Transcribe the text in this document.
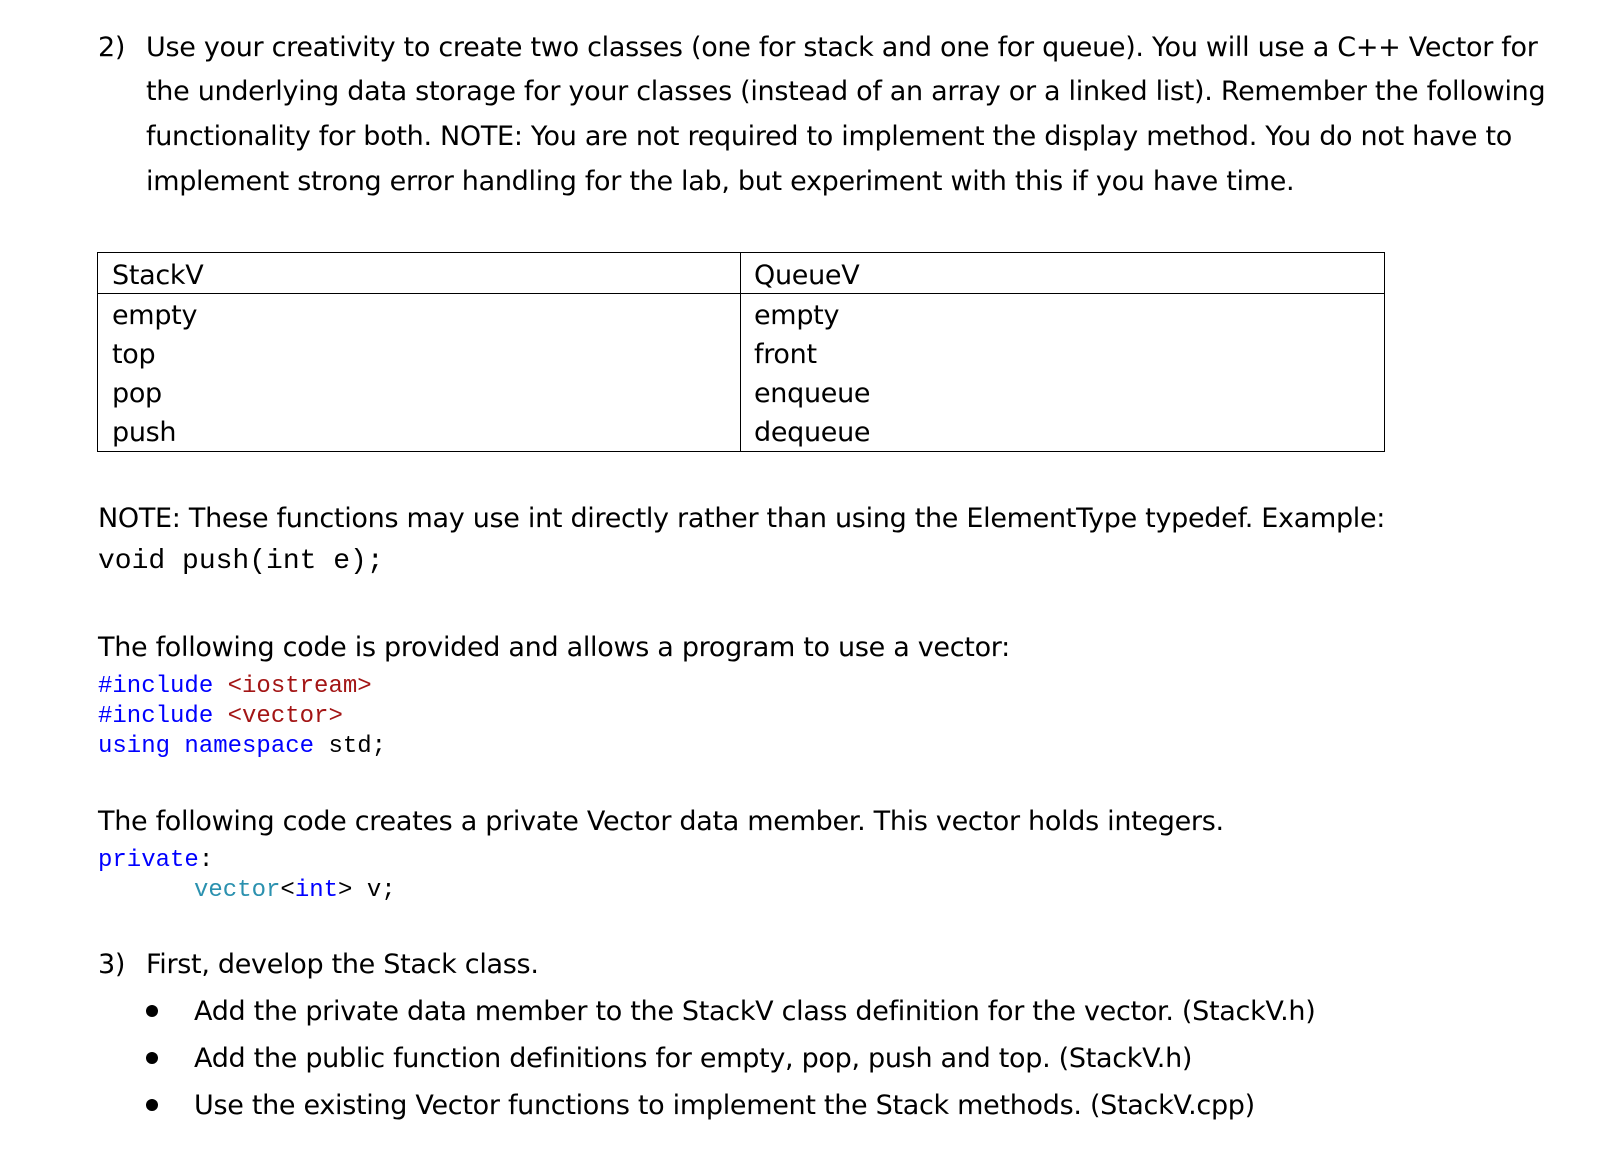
2) Use your creativity to create two classes (one for stack and one for queue). You will use a C++ Vector for
the underlying data storage for your classes (instead of an array or a linked list). Remember the following
functionality for both. NOTE: You are not required to implement the display method. You do not have to
implement strong error handling for the lab, but experiment with this if you have time.
StackV	QueueV
empty
top
pop
push
empty
front
enqueue
dequeue
NOTE: These functions may use int directly rather than using the ElementType typedef. Example:
void push(int e);
The following code is provided and allows a program to use a vector:
#include <iostream>
#include <vector>
using namespace std;
The following code creates a private Vector data member. This vector holds integers.
private:
vector<int> v;
3) First, develop the Stack class.
Add the private data member to the StackV class definition for the vector. (StackV.h)
Add the public function definitions for empty, pop, push and top. (StackV.h)
Use the existing Vector functions to implement the Stack methods. (StackV.cpp)
